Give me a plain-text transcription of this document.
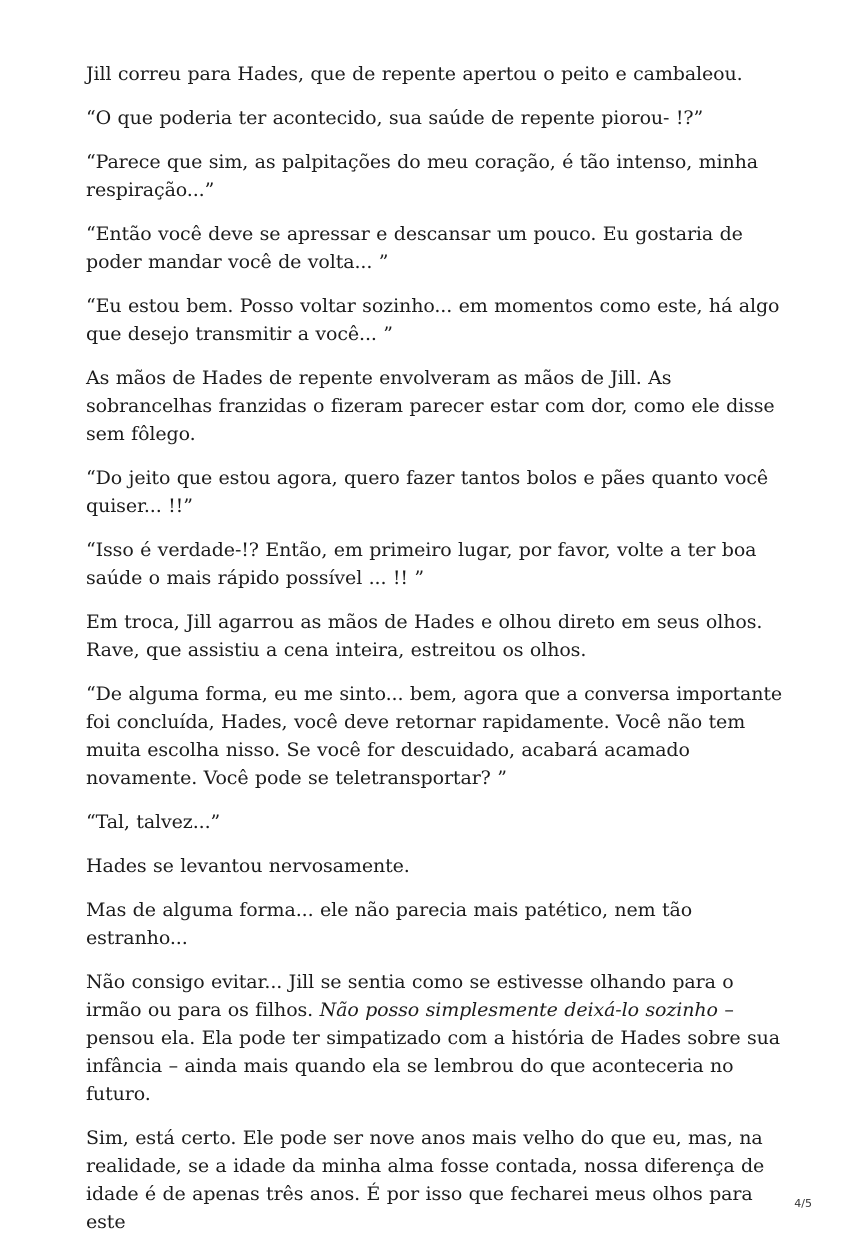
Jill correu para Hades, que de repente apertou o peito e cambaleou.

“O que poderia ter acontecido, sua saúde de repente piorou- !?”

“Parece que sim, as palpitações do meu coração, é tão intenso, minha respiração...”

“Então você deve se apressar e descansar um pouco. Eu gostaria de poder mandar você de volta... ”

“Eu estou bem. Posso voltar sozinho... em momentos como este, há algo que desejo transmitir a você... ”

As mãos de Hades de repente envolveram as mãos de Jill. As sobrancelhas franzidas o fizeram parecer estar com dor, como ele disse sem fôlego.

“Do jeito que estou agora, quero fazer tantos bolos e pães quanto você quiser... !!”

“Isso é verdade-!? Então, em primeiro lugar, por favor, volte a ter boa saúde o mais rápido possível ... !! ”

Em troca, Jill agarrou as mãos de Hades e olhou direto em seus olhos. Rave, que assistiu a cena inteira, estreitou os olhos.

“De alguma forma, eu me sinto... bem, agora que a conversa importante foi concluída, Hades, você deve retornar rapidamente. Você não tem muita escolha nisso. Se você for descuidado, acabará acamado novamente. Você pode se teletransportar? ”

“Tal, talvez...”

Hades se levantou nervosamente.

Mas de alguma forma... ele não parecia mais patético, nem tão estranho...

Não consigo evitar... Jill se sentia como se estivesse olhando para o irmão ou para os filhos. Não posso simplesmente deixá-lo sozinho – pensou ela. Ela pode ter simpatizado com a história de Hades sobre sua infância – ainda mais quando ela se lembrou do que aconteceria no futuro.

Sim, está certo. Ele pode ser nove anos mais velho do que eu, mas, na realidade, se a idade da minha alma fosse contada, nossa diferença de idade é de apenas três anos. É por isso que fecharei meus olhos para este

4/5
